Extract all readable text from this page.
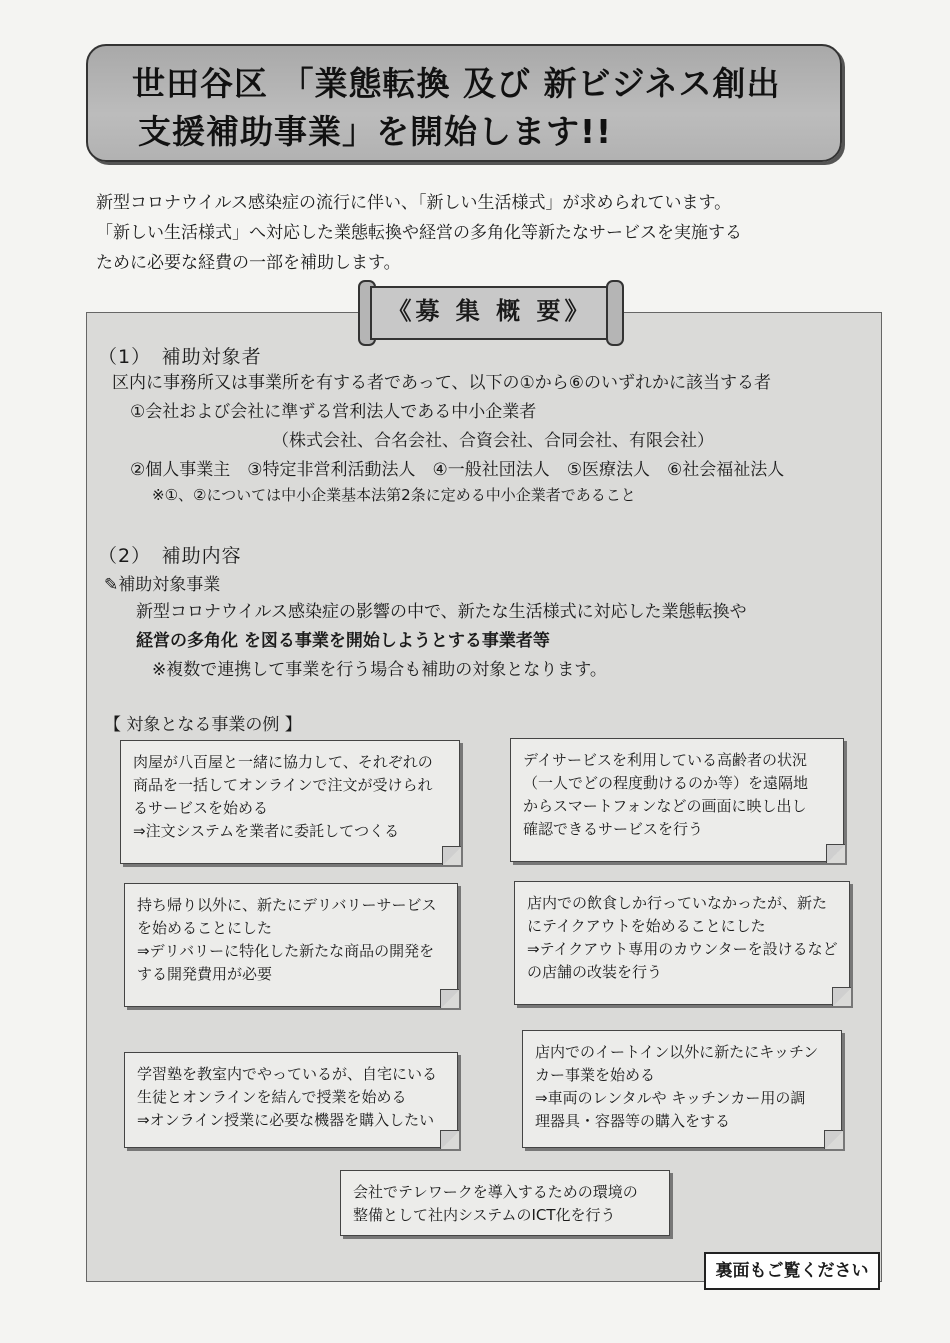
世田谷区 「業態転換 及び 新ビジネス創出
支援補助事業」を開始します!!
新型コロナウイルス感染症の流行に伴い、「新しい生活様式」が求められています。
「新しい生活様式」へ対応した業態転換や経営の多角化等新たなサービスを実施する
ために必要な経費の一部を補助します。
《募 集 概 要》
（1）　補助対象者
区内に事務所又は事業所を有する者であって、以下の①から⑥のいずれかに該当する者
①会社および会社に準ずる営利法人である中小企業者
（株式会社、合名会社、合資会社、合同会社、有限会社）
②個人事業主　③特定非営利活動法人　④一般社団法人　⑤医療法人　⑥社会福祉法人
※①、②については中小企業基本法第2条に定める中小企業者であること
（2）　補助内容
✎補助対象事業
新型コロナウイルス感染症の影響の中で、新たな生活様式に対応した業態転換や
経営の多角化 を図る事業を開始しようとする事業者等
※複数で連携して事業を行う場合も補助の対象となります。
【 対象となる事業の例 】
肉屋が八百屋と一緒に協力して、それぞれの
商品を一括してオンラインで注文が受けられ
るサービスを始める
⇒注文システムを業者に委託してつくる
デイサービスを利用している高齢者の状況
（一人でどの程度動けるのか等）を遠隔地
からスマートフォンなどの画面に映し出し
確認できるサービスを行う
持ち帰り以外に、新たにデリバリーサービス
を始めることにした
⇒デリバリーに特化した新たな商品の開発を
する開発費用が必要
店内での飲食しか行っていなかったが、新た
にテイクアウトを始めることにした
⇒テイクアウト専用のカウンターを設けるなど
の店舗の改装を行う
学習塾を教室内でやっているが、自宅にいる
生徒とオンラインを結んで授業を始める
⇒オンライン授業に必要な機器を購入したい
店内でのイートイン以外に新たにキッチン
カー事業を始める
⇒車両のレンタルや キッチンカー用の調
理器具・容器等の購入をする
会社でテレワークを導入するための環境の
整備として社内システムのICT化を行う
裏面もご覧ください
